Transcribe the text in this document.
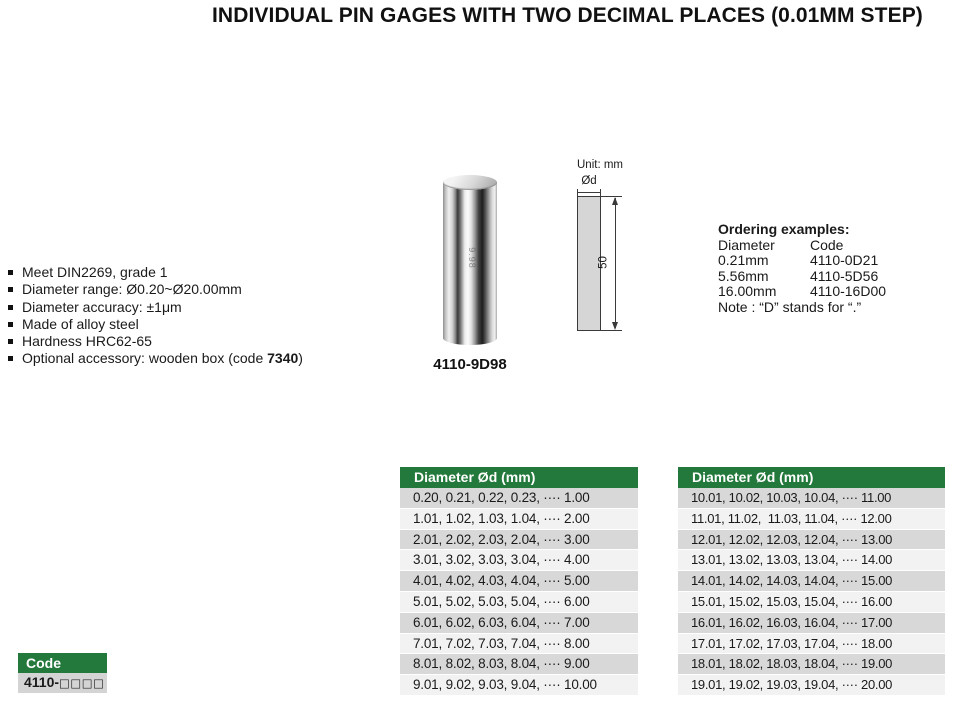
INDIVIDUAL PIN GAGES WITH TWO DECIMAL PLACES (0.01MM STEP)
Meet DIN2269, grade 1
Diameter range: Ø0.20~Ø20.00mm
Diameter accuracy: ±1μm
Made of alloy steel
Hardness HRC62-65
Optional accessory: wooden box (code 7340)
9.98
4110-9D98
Unit: mm
Ød
50
Ordering examples:
Diameter	Code
0.21mm	4110-0D21
5.56mm	4110-5D56
16.00mm 4110-16D00
Note : “D” stands for “.”
Diameter Ød (mm)
0.20, 0.21, 0.22, 0.23, ···· 1.00
1.01, 1.02, 1.03, 1.04, ···· 2.00
2.01, 2.02, 2.03, 2.04, ···· 3.00
3.01, 3.02, 3.03, 3.04, ···· 4.00
4.01, 4.02, 4.03, 4.04, ···· 5.00
5.01, 5.02, 5.03, 5.04, ···· 6.00
6.01, 6.02, 6.03, 6.04, ···· 7.00
7.01, 7.02, 7.03, 7.04, ···· 8.00
8.01, 8.02, 8.03, 8.04, ···· 9.00
9.01, 9.02, 9.03, 9.04, ···· 10.00
Diameter Ød (mm)
10.01, 10.02, 10.03, 10.04, ···· 11.00
11.01, 11.02,  11.03, 11.04, ···· 12.00
12.01, 12.02, 12.03, 12.04, ···· 13.00
13.01, 13.02, 13.03, 13.04, ···· 14.00
14.01, 14.02, 14.03, 14.04, ···· 15.00
15.01, 15.02, 15.03, 15.04, ···· 16.00
16.01, 16.02, 16.03, 16.04, ···· 17.00
17.01, 17.02, 17.03, 17.04, ···· 18.00
18.01, 18.02, 18.03, 18.04, ···· 19.00
19.01, 19.02, 19.03, 19.04, ···· 20.00
Code
4110-□□□□
